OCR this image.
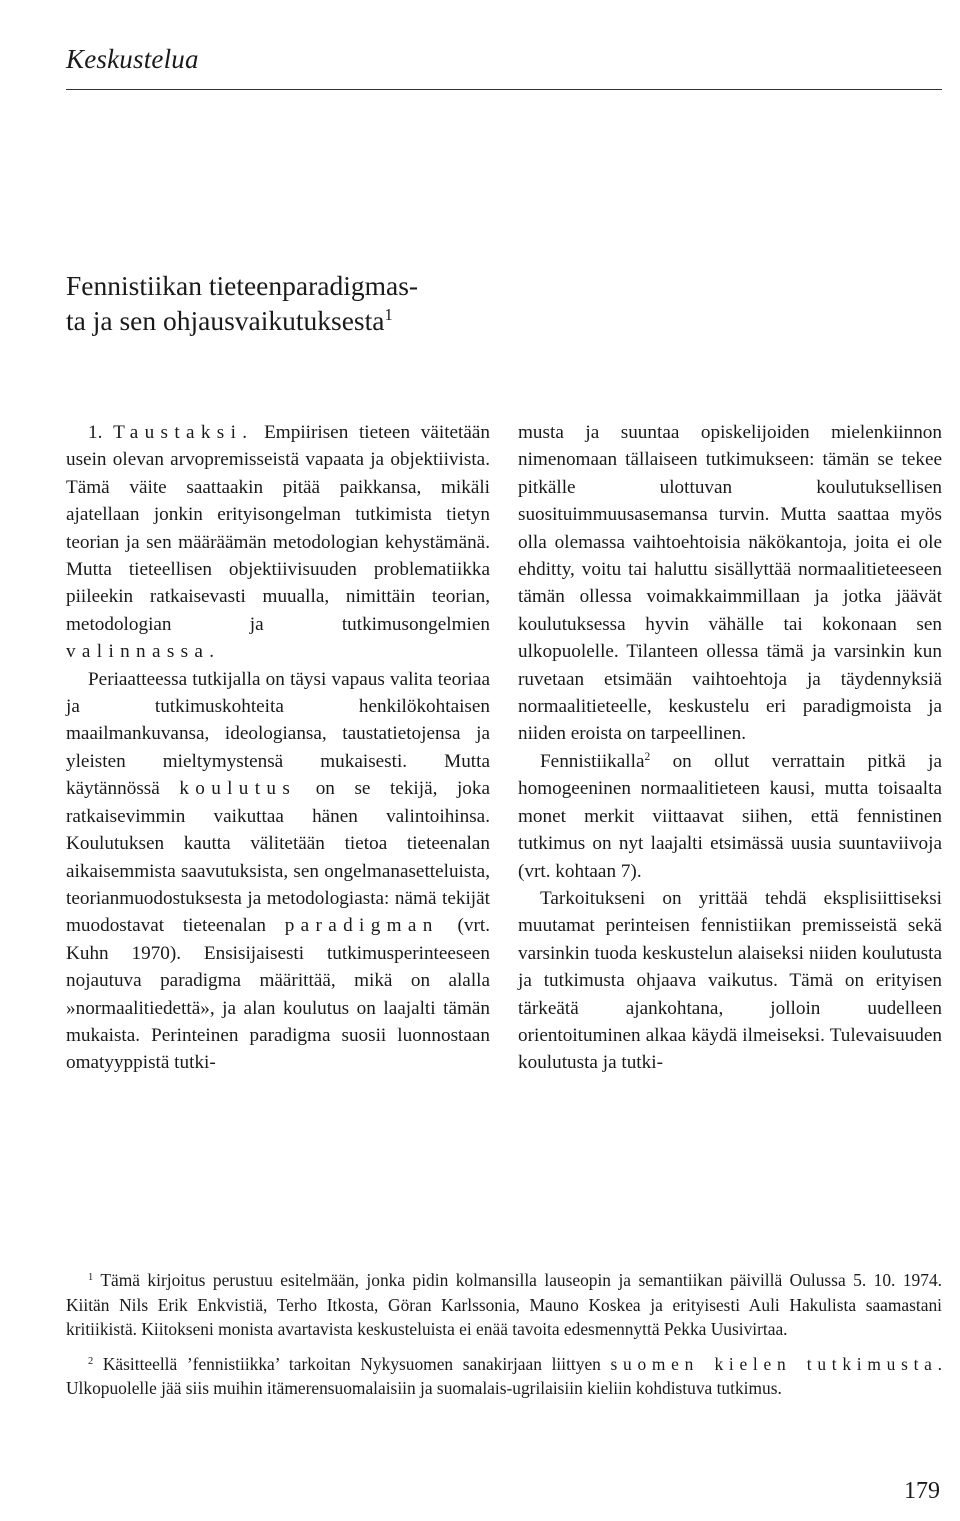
Keskustelua
Fennistiikan tieteenparadigmas-
ta ja sen ohjausvaikutuksesta$^1$

1. Taustaksi. Empiirisen tieteen väitetään usein olevan arvopremisseistä vapaata ja objektiivista. Tämä väite saattaakin pitää paikkansa, mikäli ajatellaan jonkin erityisongelman tutkimista tietyn teorian ja sen määräämän metodologian kehystämänä. Mutta tieteellisen objektiivisuuden problematiikka piileekin ratkaisevasti muualla, nimittäin teorian, metodologian ja tutkimusongelmien valinnassa.

Periaatteessa tutkijalla on täysi vapaus valita teoriaa ja tutkimuskohteita henkilökohtaisen maailmankuvansa, ideologiansa, taustatietojensa ja yleisten mieltymystensä mukaisesti. Mutta käytännössä koulutus on se tekijä, joka ratkaisevimmin vaikuttaa hänen valintoihinsa. Koulutuksen kautta välitetään tietoa tieteenalan aikaisemmista saavutuksista, sen ongelmanasetteluista, teorianmuodostuksesta ja metodologiasta: nämä tekijät muodostavat tieteenalan paradigman (vrt. Kuhn 1970). Ensisijaisesti tutkimusperinteeseen nojautuva paradigma määrittää, mikä on alalla »normaalitiedettä», ja alan koulutus on laajalti tämän mukaista. Perinteinen paradigma suosii luonnostaan omatyyppistä tutki-

musta ja suuntaa opiskelijoiden mielenkiinnon nimenomaan tällaiseen tutkimukseen: tämän se tekee pitkälle ulottuvan koulutuksellisen suosituimmuusasemansa turvin. Mutta saattaa myös olla olemassa vaihtoehtoisia näkökantoja, joita ei ole ehditty, voitu tai haluttu sisällyttää normaalitieteeseen tämän ollessa voimakkaimmillaan ja jotka jäävät koulutuksessa hyvin vähälle tai kokonaan sen ulkopuolelle. Tilanteen ollessa tämä ja varsinkin kun ruvetaan etsimään vaihtoehtoja ja täydennyksiä normaalitieteelle, keskustelu eri paradigmoista ja niiden eroista on tarpeellinen.

Fennistiikalla$^2$ on ollut verrattain pitkä ja homogeeninen normaalitieteen kausi, mutta toisaalta monet merkit viittaavat siihen, että fennistinen tutkimus on nyt laajalti etsimässä uusia suuntaviivoja (vrt. kohtaan 7).

Tarkoitukseni on yrittää tehdä eksplisiittiseksi muutamat perinteisen fennistiikan premisseistä sekä varsinkin tuoda keskustelun alaiseksi niiden koulutusta ja tutkimusta ohjaava vaikutus. Tämä on erityisen tärkeätä ajankohtana, jolloin uudelleen orientoituminen alkaa käydä ilmeiseksi. Tulevaisuuden koulutusta ja tutki-

$^1$ Tämä kirjoitus perustuu esitelmään, jonka pidin kolmansilla lauseopin ja semantiikan päivillä Oulussa 5. 10. 1974. Kiitän Nils Erik Enkvistiä, Terho Itkosta, Göran Karlssonia, Mauno Koskea ja erityisesti Auli Hakulista saamastani kritiikistä. Kiitokseni monista avartavista keskusteluista ei enää tavoita edesmennyttä Pekka Uusivirtaa.

$^2$ Käsitteellä ’fennistiikka’ tarkoitan Nykysuomen sanakirjaan liittyen suomen kielen tutkimusta. Ulkopuolelle jää siis muihin itämerensuomalaisiin ja suomalais-ugrilaisiin kieliin kohdistuva tutkimus.

179
